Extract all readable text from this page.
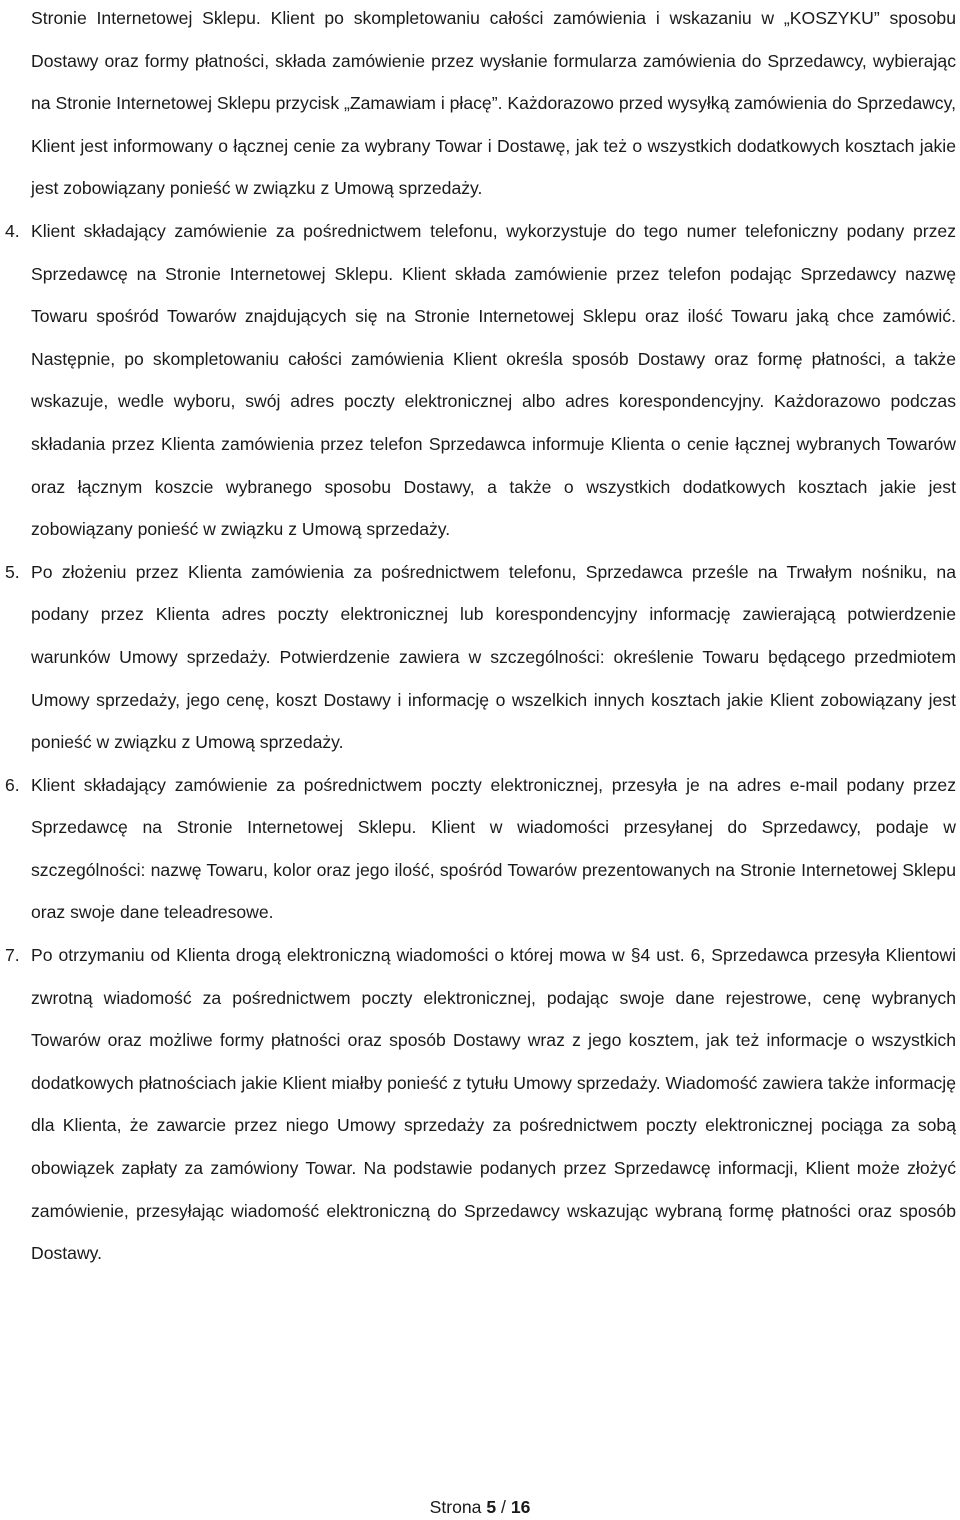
Stronie Internetowej Sklepu. Klient po skompletowaniu całości zamówienia i wskazaniu w „KOSZYKU” sposobu Dostawy oraz formy płatności, składa zamówienie przez wysłanie formularza zamówienia do Sprzedawcy, wybierając na Stronie Internetowej Sklepu przycisk „Zamawiam i płacę”. Każdorazowo przed wysyłką zamówienia do Sprzedawcy, Klient jest informowany o łącznej cenie za wybrany Towar i Dostawę, jak też o wszystkich dodatkowych kosztach jakie jest zobowiązany ponieść w związku z Umową sprzedaży.

4. Klient składający zamówienie za pośrednictwem telefonu, wykorzystuje do tego numer telefoniczny podany przez Sprzedawcę na Stronie Internetowej Sklepu. Klient składa zamówienie przez telefon podając Sprzedawcy nazwę Towaru spośród Towarów znajdujących się na Stronie Internetowej Sklepu oraz ilość Towaru jaką chce zamówić. Następnie, po skompletowaniu całości zamówienia Klient określa sposób Dostawy oraz formę płatności, a także wskazuje, wedle wyboru, swój adres poczty elektronicznej albo adres korespondencyjny. Każdorazowo podczas składania przez Klienta zamówienia przez telefon Sprzedawca informuje Klienta o cenie łącznej wybranych Towarów oraz łącznym koszcie wybranego sposobu Dostawy, a także o wszystkich dodatkowych kosztach jakie jest zobowiązany ponieść w związku z Umową sprzedaży.

5. Po złożeniu przez Klienta zamówienia za pośrednictwem telefonu, Sprzedawca prześle na Trwałym nośniku, na podany przez Klienta adres poczty elektronicznej lub korespondencyjny informację zawierającą potwierdzenie warunków Umowy sprzedaży. Potwierdzenie zawiera w szczególności: określenie Towaru będącego przedmiotem Umowy sprzedaży, jego cenę, koszt Dostawy i informację o wszelkich innych kosztach jakie Klient zobowiązany jest ponieść w związku z Umową sprzedaży.

6. Klient składający zamówienie za pośrednictwem poczty elektronicznej, przesyła je na adres e-mail podany przez Sprzedawcę na Stronie Internetowej Sklepu. Klient w wiadomości przesyłanej do Sprzedawcy, podaje w szczególności: nazwę Towaru, kolor oraz jego ilość, spośród Towarów prezentowanych na Stronie Internetowej Sklepu oraz swoje dane teleadresowe.

7. Po otrzymaniu od Klienta drogą elektroniczną wiadomości o której mowa w §4 ust. 6, Sprzedawca przesyła Klientowi zwrotną wiadomość za pośrednictwem poczty elektronicznej, podając swoje dane rejestrowe, cenę wybranych Towarów oraz możliwe formy płatności oraz sposób Dostawy wraz z jego kosztem, jak też informacje o wszystkich dodatkowych płatnościach jakie Klient miałby ponieść z tytułu Umowy sprzedaży. Wiadomość zawiera także informację dla Klienta, że zawarcie przez niego Umowy sprzedaży za pośrednictwem poczty elektronicznej pociąga za sobą obowiązek zapłaty za zamówiony Towar. Na podstawie podanych przez Sprzedawcę informacji, Klient może złożyć zamówienie, przesyłając wiadomość elektroniczną do Sprzedawcy wskazując wybraną formę płatności oraz sposób Dostawy.

Strona 5 / 16
